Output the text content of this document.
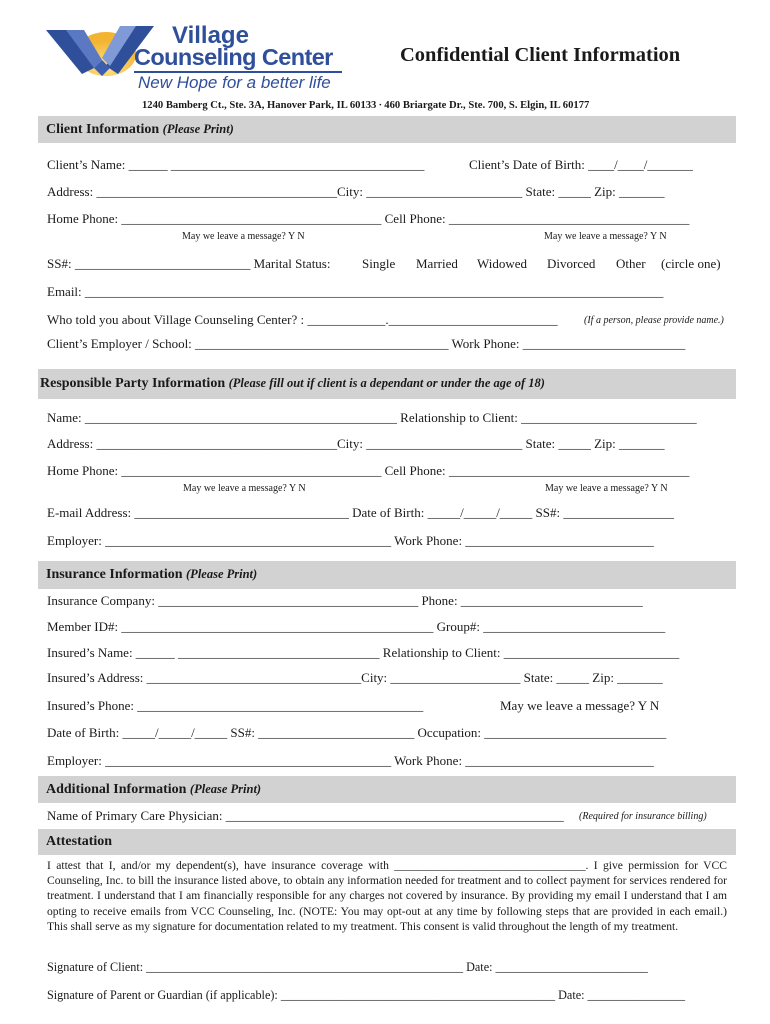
Village
Counseling Center
New Hope for a better life
Confidential Client Information
1240 Bamberg Ct., Ste. 3A, Hanover Park, IL 60133 ∙ 460 Briargate Dr., Ste. 700, S. Elgin, IL 60177
Client Information (Please Print)
Client’s Name: ______ _______________________________________	Client’s Date of Birth: ____/____/_______
Address: _____________________________________City: ________________________ State: _____ Zip: _______
Home Phone: ________________________________________ Cell Phone: _____________________________________
May we leave a message? Y N	May we leave a message? Y N
SS#: ___________________________ Marital Status: Single Married Widowed Divorced Other (circle one)
Email: _________________________________________________________________________________________
Who told you about Village Counseling Center? : ____________.__________________________	(If a person, please provide name.)
Client’s Employer / School: _______________________________________ Work Phone: _________________________
Responsible Party Information (Please fill out if client is a dependant or under the age of 18)
Name: ________________________________________________ Relationship to Client: ___________________________
Address: _____________________________________City: ________________________ State: _____ Zip: _______
Home Phone: ________________________________________ Cell Phone: _____________________________________
May we leave a message? Y N	May we leave a message? Y N
E-mail Address: _________________________________ Date of Birth: _____/_____/_____ SS#: _________________
Employer: ____________________________________________ Work Phone: _____________________________
Insurance Information (Please Print)
Insurance Company: ________________________________________ Phone: ____________________________
Member ID#: ________________________________________________ Group#: ____________________________
Insured’s Name: ______ _______________________________ Relationship to Client: ___________________________
Insured’s Address: _________________________________City: ____________________ State: _____ Zip: _______
Insured’s Phone: ____________________________________________	May we leave a message? Y N
Date of Birth: _____/_____/_____ SS#: ________________________ Occupation: ____________________________
Employer: ____________________________________________ Work Phone: _____________________________
Additional Information (Please Print)
Name of Primary Care Physician: ____________________________________________________ (Required for insurance billing)
Attestation
I attest that I, and/or my dependent(s), have insurance coverage with _________________________________. I give permission for VCC Counseling, Inc. to bill the insurance listed above, to obtain any information needed for treatment and to collect payment for services rendered for treatment. I understand that I am financially responsible for any charges not covered by insurance. By providing my email I understand that I am opting to receive emails from VCC Counseling, Inc. (NOTE: You may opt-out at any time by following steps that are provided in each email.) This shall serve as my signature for documentation related to my treatment. This consent is valid throughout the length of my treatment.
Signature of Client: ____________________________________________________ Date: _________________________
Signature of Parent or Guardian (if applicable): _____________________________________________ Date: ________________
